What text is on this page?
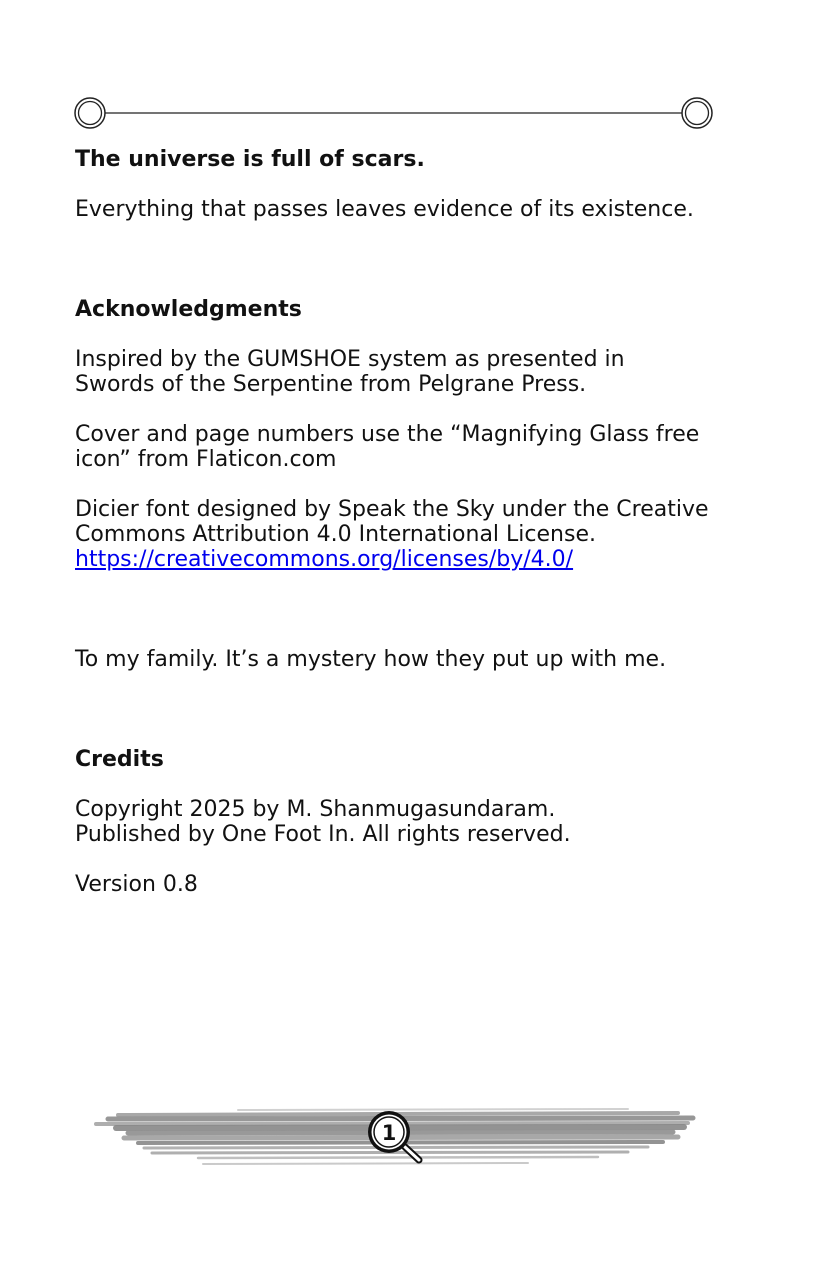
The universe is full of scars.

Everything that passes leaves evidence of its existence.

Acknowledgments

Inspired by the GUMSHOE system as presented in

Swords of the Serpentine from Pelgrane Press.

Cover and page numbers use the “Magnifying Glass free

icon” from Flaticon.com

Dicier font designed by Speak the Sky under the Creative

Commons Attribution 4.0 International License.

https://creativecommons.org/licenses/by/4.0/

To my family. It’s a mystery how they put up with me.

Credits

Copyright 2025 by M. Shanmugasundaram.

Published by One Foot In. All rights reserved.

Version 0.8

1
